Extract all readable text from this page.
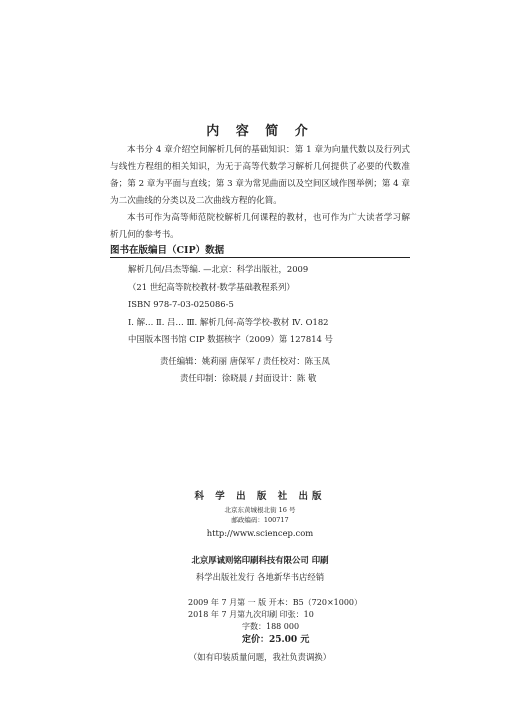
内 容 简 介

本书分 4 章介绍空间解析几何的基础知识：第 1 章为向量代数以及行列式与线性方程组的相关知识，为无于高等代数学习解析几何提供了必要的代数准备；第 2 章为平面与直线；第 3 章为常见曲面以及空间区域作图举例；第 4 章为二次曲线的分类以及二次曲线方程的化简。

本书可作为高等师范院校解析几何课程的教材，也可作为广大读者学习解析几何的参考书。

图书在版编目（CIP）数据
解析几何/吕杰等编. —北京：科学出版社，2009
（21 世纪高等院校教材·数学基础教程系列）
ISBN 978-7-03-025086-5
Ⅰ. 解… Ⅱ. 吕… Ⅲ. 解析几何-高等学校-教材 Ⅳ. O182
中国版本图书馆 CIP 数据核字（2009）第 127814 号
责任编辑：姚莉丽 唐保军 / 责任校对：陈玉凤
责任印制：徐晓晨 / 封面设计：陈 敬
科 学 出 版 社 出版
北京东黄城根北街 16 号
邮政编码：100717
http://www.sciencep.com
北京厚诚则铭印刷科技有限公司 印刷
科学出版社发行 各地新华书店经销
2009 年 7 月第 一 版 开本：B5（720×1000）
2018 年 7 月第九次印刷 印张：10
字数：188 000
定价：25.00 元
（如有印装质量问题，我社负责调换）
